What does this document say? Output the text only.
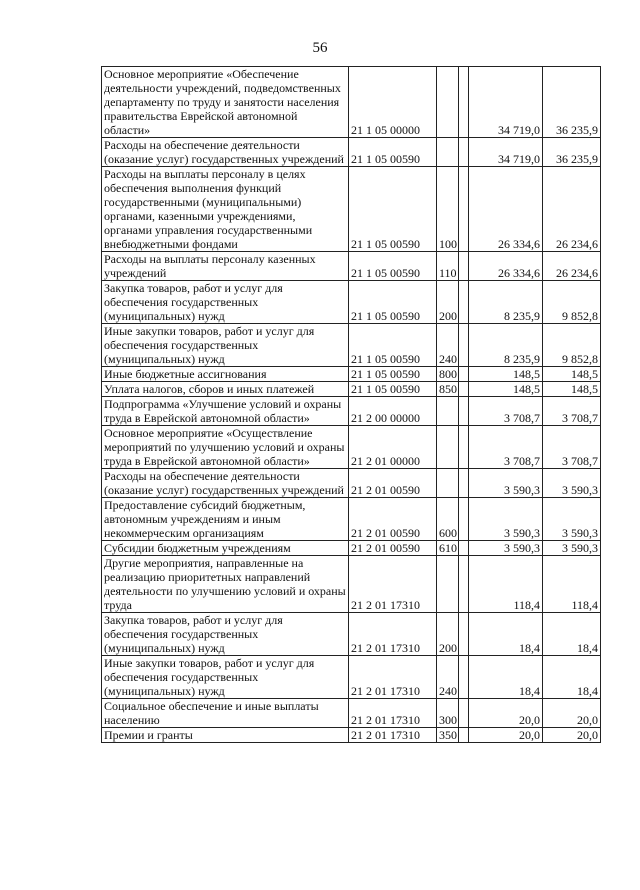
56
Основное мероприятие «Обеспечение деятельности учреждений, подведомственных департаменту по труду и занятости населения правительства Еврейской автономной области»	21 1 05 00000			34 719,0	36 235,9
Расходы на обеспечение деятельности (оказание услуг) государственных учреждений	21 1 05 00590			34 719,0	36 235,9
Расходы на выплаты персоналу в целях обеспечения выполнения функций государственными (муниципальными) органами, казенными учреждениями, органами управления государственными внебюджетными фондами	21 1 05 00590	100		26 334,6	26 234,6
Расходы на выплаты персоналу казенных учреждений	21 1 05 00590	110		26 334,6	26 234,6
Закупка товаров, работ и услуг для обеспечения государственных (муниципальных) нужд	21 1 05 00590	200		8 235,9	9 852,8
Иные закупки товаров, работ и услуг для обеспечения государственных (муниципальных) нужд	21 1 05 00590	240		8 235,9	9 852,8
Иные бюджетные ассигнования	21 1 05 00590	800		148,5	148,5
Уплата налогов, сборов и иных платежей	21 1 05 00590	850		148,5	148,5
Подпрограмма «Улучшение условий и охраны труда в Еврейской автономной области»	21 2 00 00000			3 708,7	3 708,7
Основное мероприятие «Осуществление мероприятий по улучшению условий и охраны труда в Еврейской автономной области»	21 2 01 00000			3 708,7	3 708,7
Расходы на обеспечение деятельности (оказание услуг) государственных учреждений	21 2 01 00590			3 590,3	3 590,3
Предоставление субсидий бюджетным, автономным учреждениям и иным некоммерческим организациям	21 2 01 00590	600		3 590,3	3 590,3
Субсидии бюджетным учреждениям	21 2 01 00590	610		3 590,3	3 590,3
Другие мероприятия, направленные на реализацию приоритетных направлений деятельности по улучшению условий и охраны труда	21 2 01 17310			118,4	118,4
Закупка товаров, работ и услуг для обеспечения государственных (муниципальных) нужд	21 2 01 17310	200		18,4	18,4
Иные закупки товаров, работ и услуг для обеспечения государственных (муниципальных) нужд	21 2 01 17310	240		18,4	18,4
Социальное обеспечение и иные выплаты населению	21 2 01 17310	300		20,0	20,0
Премии и гранты	21 2 01 17310	350		20,0	20,0
